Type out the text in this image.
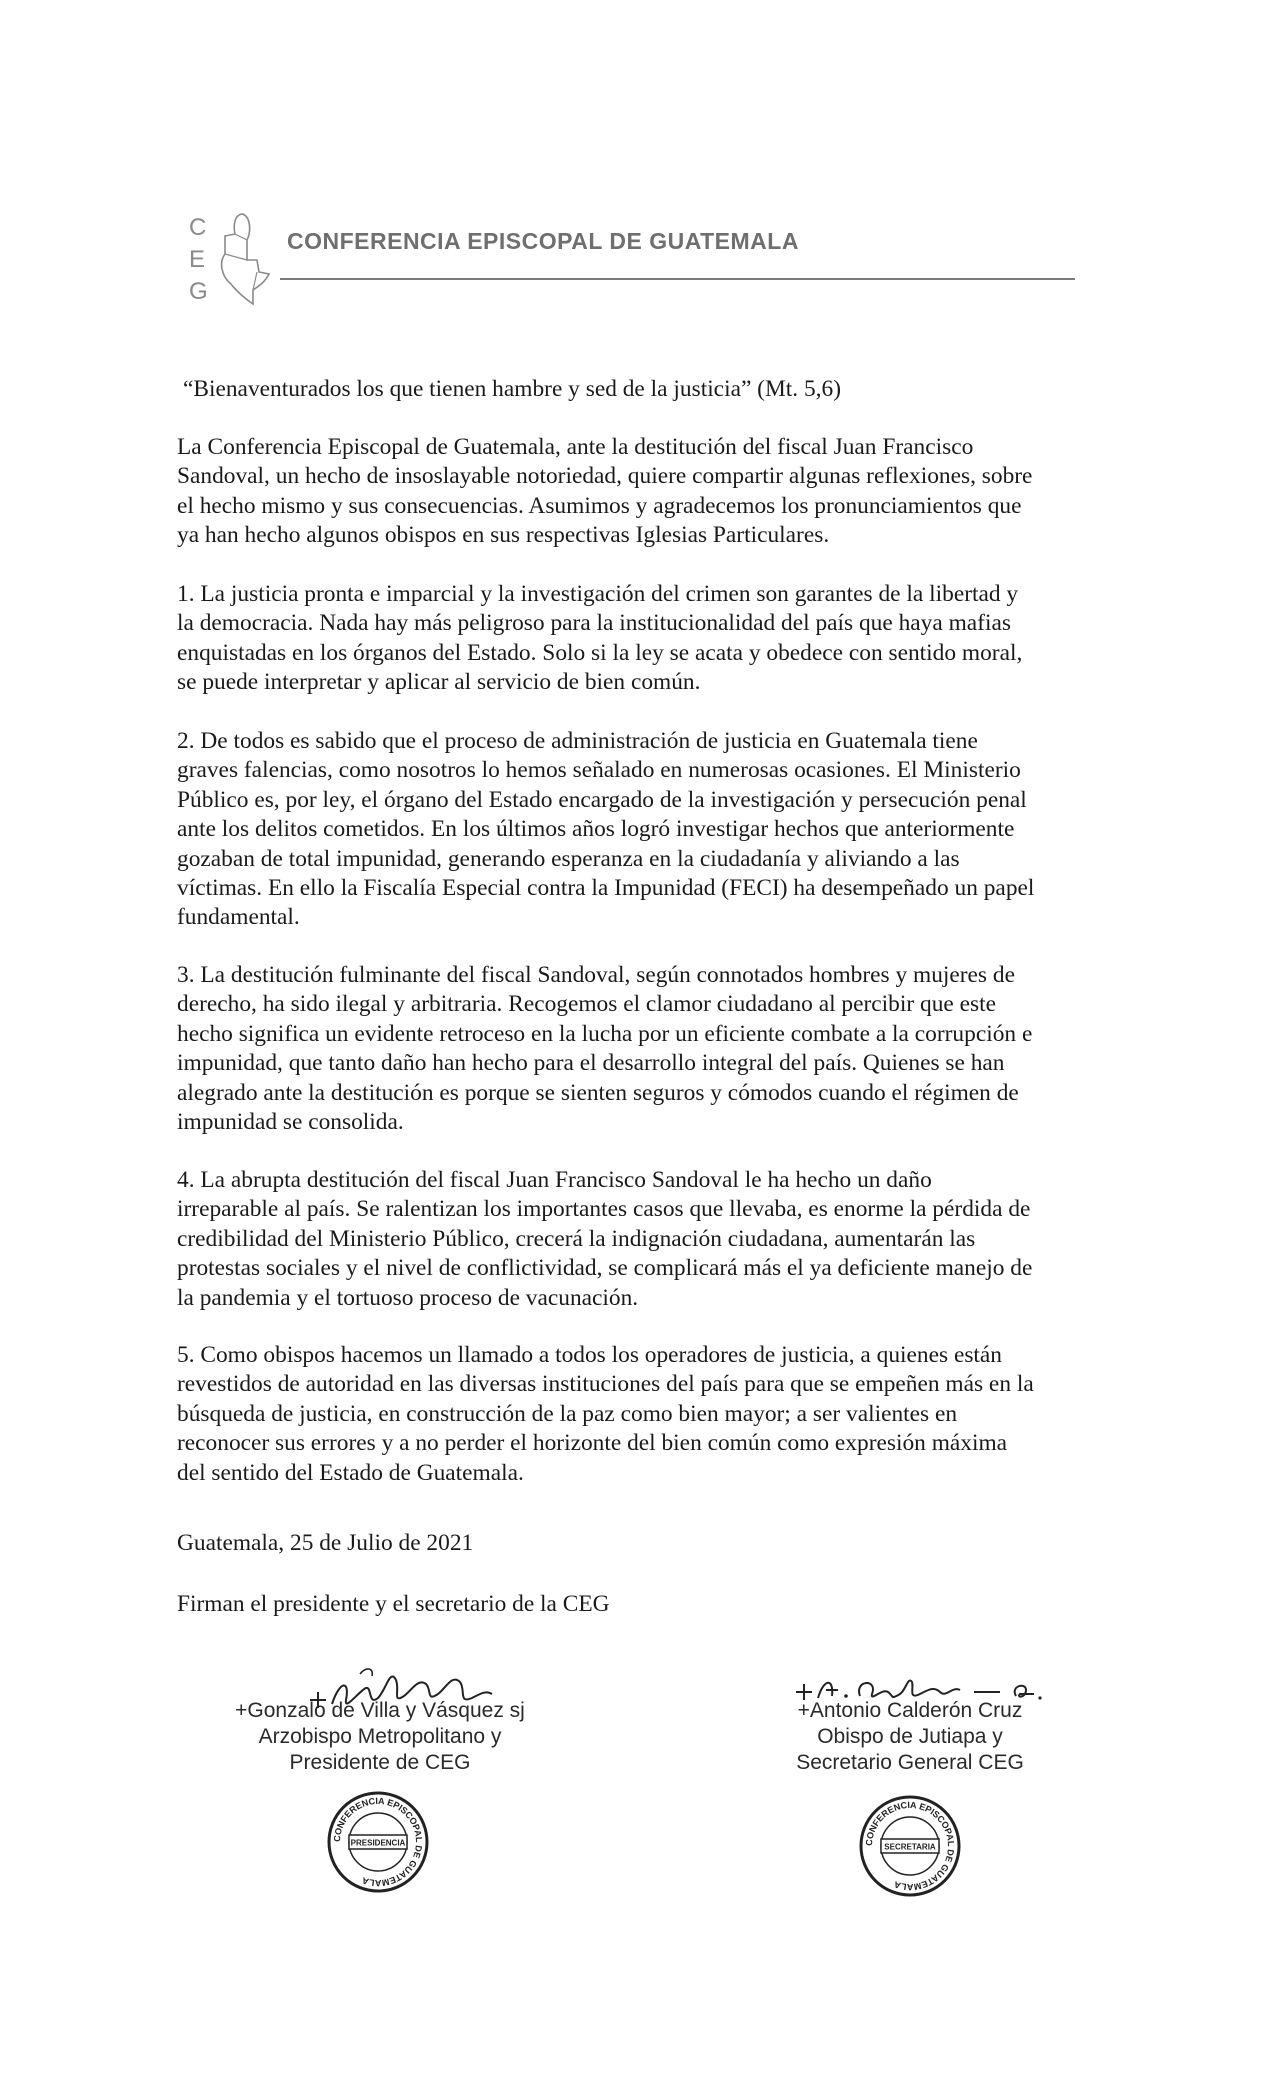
C
E
G
CONFERENCIA EPISCOPAL DE GUATEMALA
“Bienaventurados los que tienen hambre y sed de la justicia” (Mt. 5,6)
La Conferencia Episcopal de Guatemala, ante la destitución del fiscal Juan Francisco
Sandoval, un hecho de insoslayable notoriedad, quiere compartir algunas reflexiones, sobre
el hecho mismo y sus consecuencias. Asumimos y agradecemos los pronunciamientos que
ya han hecho algunos obispos en sus respectivas Iglesias Particulares.
1. La justicia pronta e imparcial y la investigación del crimen son garantes de la libertad y
la democracia. Nada hay más peligroso para la institucionalidad del país que haya mafias
enquistadas en los órganos del Estado. Solo si la ley se acata y obedece con sentido moral,
se puede interpretar y aplicar al servicio de bien común.
2. De todos es sabido que el proceso de administración de justicia en Guatemala tiene
graves falencias, como nosotros lo hemos señalado en numerosas ocasiones. El Ministerio
Público es, por ley, el órgano del Estado encargado de la investigación y persecución penal
ante los delitos cometidos. En los últimos años logró investigar hechos que anteriormente
gozaban de total impunidad, generando esperanza en la ciudadanía y aliviando a las
víctimas. En ello la Fiscalía Especial contra la Impunidad (FECI) ha desempeñado un papel
fundamental.
3. La destitución fulminante del fiscal Sandoval, según connotados hombres y mujeres de
derecho, ha sido ilegal y arbitraria. Recogemos el clamor ciudadano al percibir que este
hecho significa un evidente retroceso en la lucha por un eficiente combate a la corrupción e
impunidad, que tanto daño han hecho para el desarrollo integral del país. Quienes se han
alegrado ante la destitución es porque se sienten seguros y cómodos cuando el régimen de
impunidad se consolida.
4. La abrupta destitución del fiscal Juan Francisco Sandoval le ha hecho un daño
irreparable al país. Se ralentizan los importantes casos que llevaba, es enorme la pérdida de
credibilidad del Ministerio Público, crecerá la indignación ciudadana, aumentarán las
protestas sociales y el nivel de conflictividad, se complicará más el ya deficiente manejo de
la pandemia y el tortuoso proceso de vacunación.
5. Como obispos hacemos un llamado a todos los operadores de justicia, a quienes están
revestidos de autoridad en las diversas instituciones del país para que se empeñen más en la
búsqueda de justicia, en construcción de la paz como bien mayor; a ser valientes en
reconocer sus errores y a no perder el horizonte del bien común como expresión máxima
del sentido del Estado de Guatemala.
Guatemala, 25 de Julio de 2021
Firman el presidente y el secretario de la CEG
+Gonzalo de Villa y Vásquez sj
Arzobispo Metropolitano y
Presidente de CEG
CONFERENCIA EPISCOPAL DE GUATEMALA
PRESIDENCIA
+Antonio Calderón Cruz
Obispo de Jutiapa y
Secretario General CEG
CONFERENCIA EPISCOPAL DE GUATEMALA
SECRETARIA
